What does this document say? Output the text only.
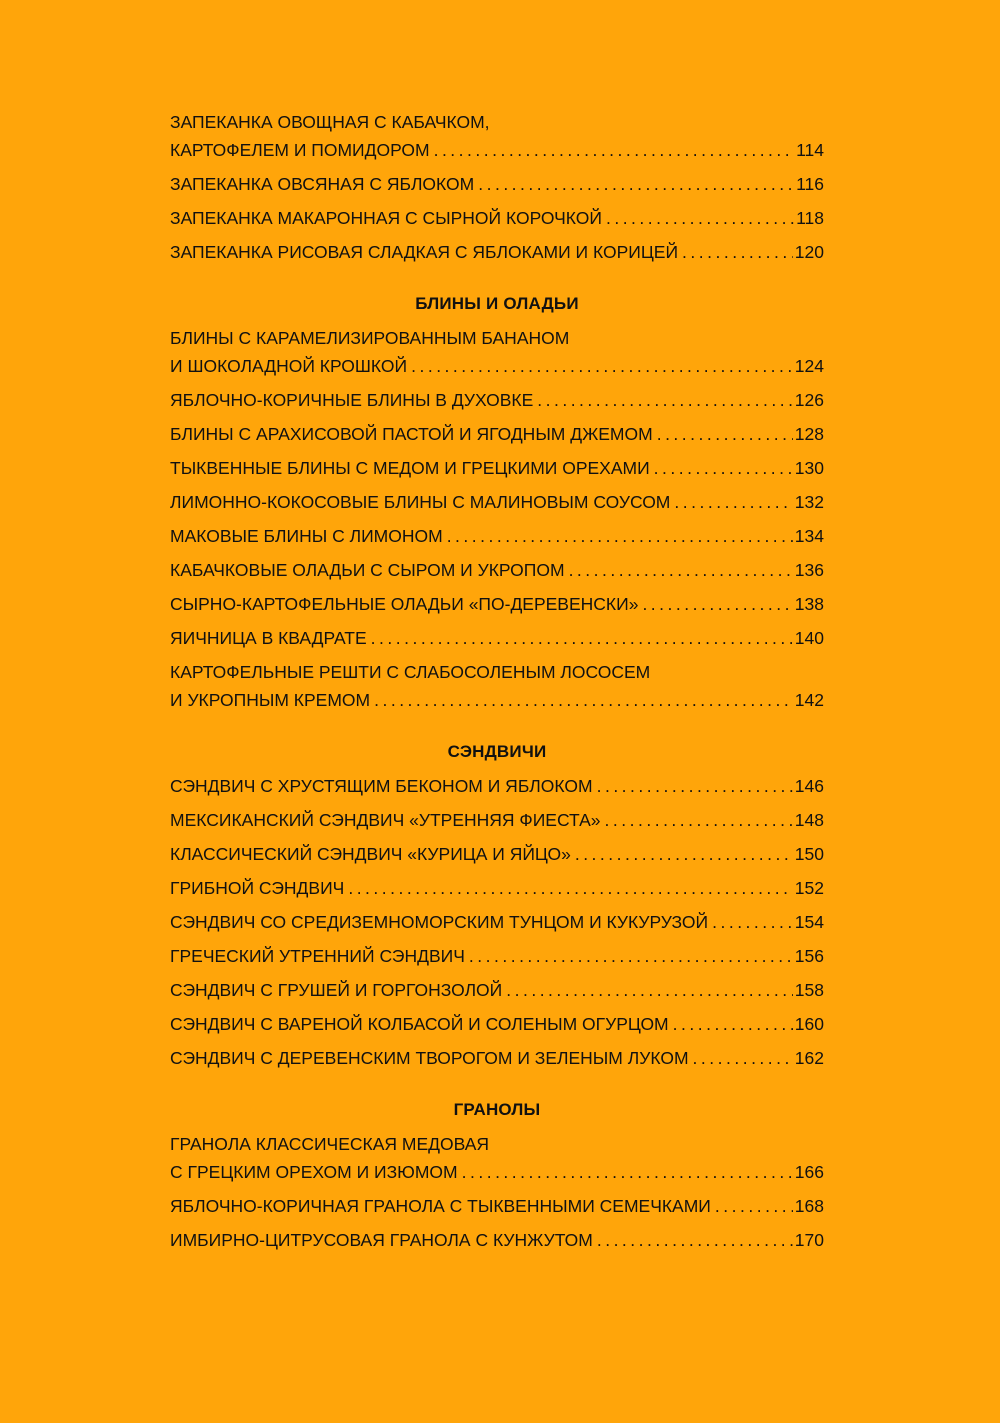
ЗАПЕКАНКА ОВОЩНАЯ С КАБАЧКОМ,
КАРТОФЕЛЕМ И ПОМИДОРОМ .....	114
ЗАПЕКАНКА ОВСЯНАЯ С ЯБЛОКОМ .....	116
ЗАПЕКАНКА МАКАРОННАЯ С СЫРНОЙ КОРОЧКОЙ .....	118
ЗАПЕКАНКА РИСОВАЯ СЛАДКАЯ С ЯБЛОКАМИ И КОРИЦЕЙ .....	120
БЛИНЫ И ОЛАДЬИ
БЛИНЫ С КАРАМЕЛИЗИРОВАННЫМ БАНАНОМ
И ШОКОЛАДНОЙ КРОШКОЙ .....	124
ЯБЛОЧНО-КОРИЧНЫЕ БЛИНЫ В ДУХОВКЕ .....	126
БЛИНЫ С АРАХИСОВОЙ ПАСТОЙ И ЯГОДНЫМ ДЖЕМОМ .....	128
ТЫКВЕННЫЕ БЛИНЫ С МЕДОМ И ГРЕЦКИМИ ОРЕХАМИ .....	130
ЛИМОННО-КОКОСОВЫЕ БЛИНЫ С МАЛИНОВЫМ СОУСОМ .....	132
МАКОВЫЕ БЛИНЫ С ЛИМОНОМ .....	134
КАБАЧКОВЫЕ ОЛАДЬИ С СЫРОМ И УКРОПОМ .....	136
СЫРНО-КАРТОФЕЛЬНЫЕ ОЛАДЬИ «ПО-ДЕРЕВЕНСКИ» .....	138
ЯИЧНИЦА В КВАДРАТЕ .....	140
КАРТОФЕЛЬНЫЕ РЕШТИ С СЛАБОСОЛЕНЫМ ЛОСОСЕМ
И УКРОПНЫМ КРЕМОМ .....	142
СЭНДВИЧИ
СЭНДВИЧ С ХРУСТЯЩИМ БЕКОНОМ И ЯБЛОКОМ .....	146
МЕКСИКАНСКИЙ СЭНДВИЧ «УТРЕННЯЯ ФИЕСТА» .....	148
КЛАССИЧЕСКИЙ СЭНДВИЧ «КУРИЦА И ЯЙЦО» .....	150
ГРИБНОЙ СЭНДВИЧ .....	152
СЭНДВИЧ СО СРЕДИЗЕМНОМОРСКИМ ТУНЦОМ И КУКУРУЗОЙ .....	154
ГРЕЧЕСКИЙ УТРЕННИЙ СЭНДВИЧ .....	156
СЭНДВИЧ С ГРУШЕЙ И ГОРГОНЗОЛОЙ .....	158
СЭНДВИЧ С ВАРЕНОЙ КОЛБАСОЙ И СОЛЕНЫМ ОГУРЦОМ .....	160
СЭНДВИЧ С ДЕРЕВЕНСКИМ ТВОРОГОМ И ЗЕЛЕНЫМ ЛУКОМ .....	162
ГРАНОЛЫ
ГРАНОЛА КЛАССИЧЕСКАЯ МЕДОВАЯ
С ГРЕЦКИМ ОРЕХОМ И ИЗЮМОМ .....	166
ЯБЛОЧНО-КОРИЧНАЯ ГРАНОЛА С ТЫКВЕННЫМИ СЕМЕЧКАМИ .....	168
ИМБИРНО-ЦИТРУСОВАЯ ГРАНОЛА С КУНЖУТОМ .....	170
